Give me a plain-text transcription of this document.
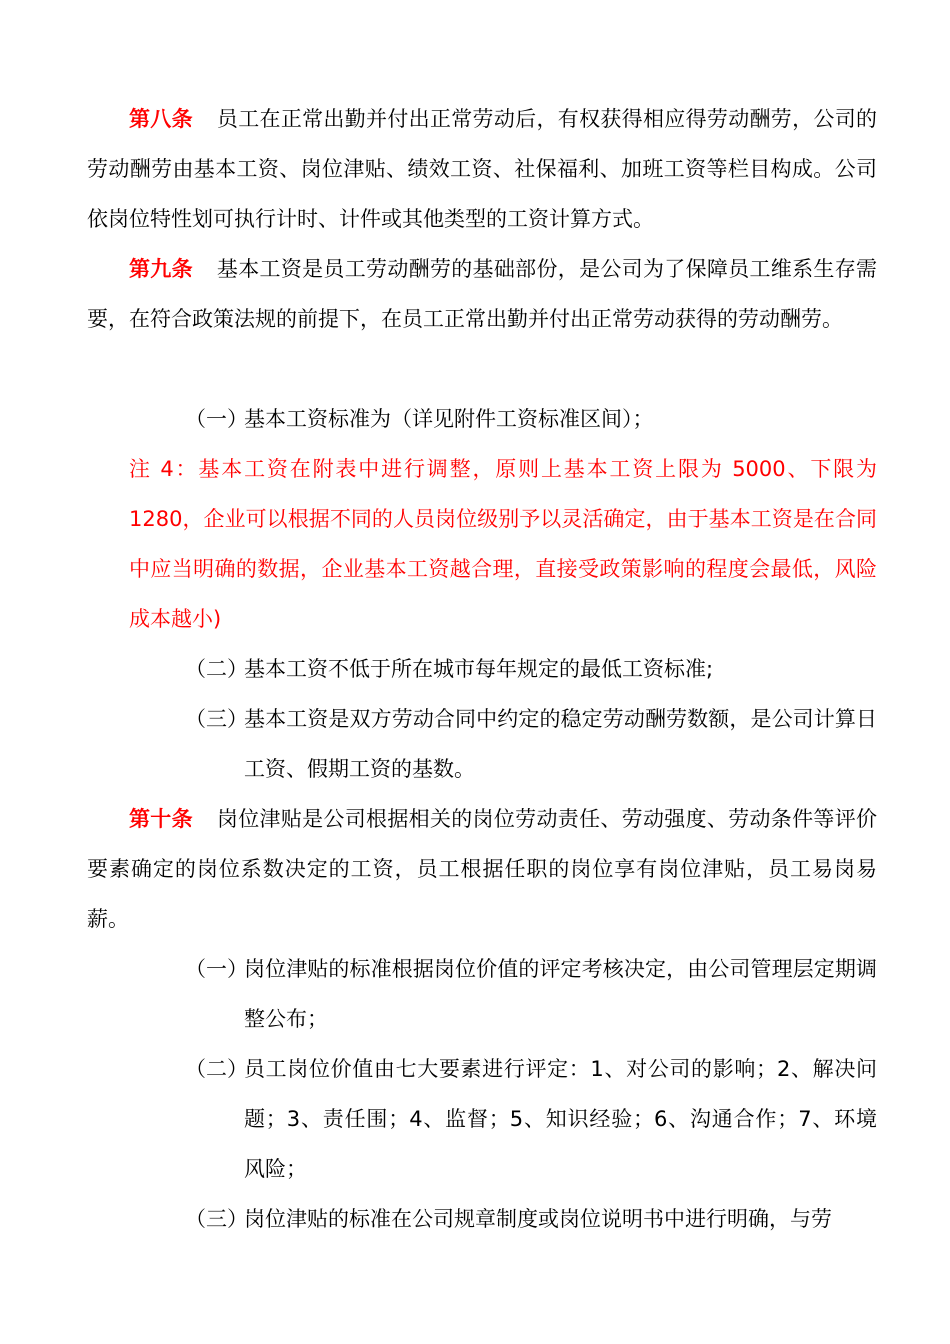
第八条 员工在正常出勤并付出正常劳动后，有权获得相应得劳动酬劳，公司的劳动酬劳由基本工资、岗位津贴、绩效工资、社保福利、加班工资等栏目构成。公司依岗位特性划可执行计时、计件或其他类型的工资计算方式。

第九条 基本工资是员工劳动酬劳的基础部份，是公司为了保障员工维系生存需要，在符合政策法规的前提下，在员工正常出勤并付出正常劳动获得的劳动酬劳。

（一）
基本工资标准为（详见附件工资标准区间）；

注 4：基本工资在附表中进行调整，原则上基本工资上限为 5000、下限为 1280，企业可以根据不同的人员岗位级别予以灵活确定，由于基本工资是在合同中应当明确的数据，企业基本工资越合理，直接受政策影响的程度会最低，风险成本越小)

（二）
基本工资不低于所在城市每年规定的最低工资标准;
（三）
基本工资是双方劳动合同中约定的稳定劳动酬劳数额，是公司计算日工资、假期工资的基数。

第十条 岗位津贴是公司根据相关的岗位劳动责任、劳动强度、劳动条件等评价要素确定的岗位系数决定的工资，员工根据任职的岗位享有岗位津贴，员工易岗易薪。

（一）
岗位津贴的标准根据岗位价值的评定考核决定，由公司管理层定期调整公布；
（二）
员工岗位价值由七大要素进行评定：1、对公司的影响；2、解决问题；3、责任围；4、监督；5、知识经验；6、沟通合作；7、环境风险；
（三）
岗位津贴的标准在公司规章制度或岗位说明书中进行明确，与劳
